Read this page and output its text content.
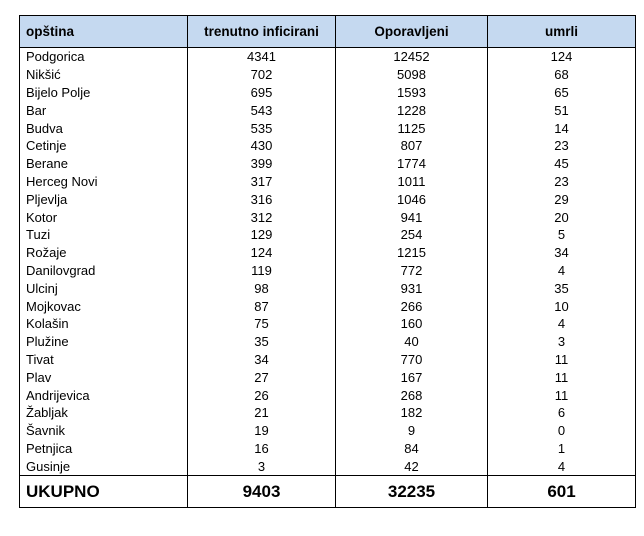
opština	trenutno inficirani	Oporavljeni	umrli
Podgorica	4341	12452	124
Nikšić	702	5098	68
Bijelo Polje	695	1593	65
Bar	543	1228	51
Budva	535	1125	14
Cetinje	430	807	23
Berane	399	1774	45
Herceg Novi	317	1011	23
Pljevlja	316	1046	29
Kotor	312	941	20
Tuzi	129	254	5
Rožaje	124	1215	34
Danilovgrad	119	772	4
Ulcinj	98	931	35
Mojkovac	87	266	10
Kolašin	75	160	4
Plužine	35	40	3
Tivat	34	770	11
Plav	27	167	11
Andrijevica	26	268	11
Žabljak	21	182	6
Šavnik	19	9	0
Petnjica	16	84	1
Gusinje	3	42	4
UKUPNO	9403	32235	601
